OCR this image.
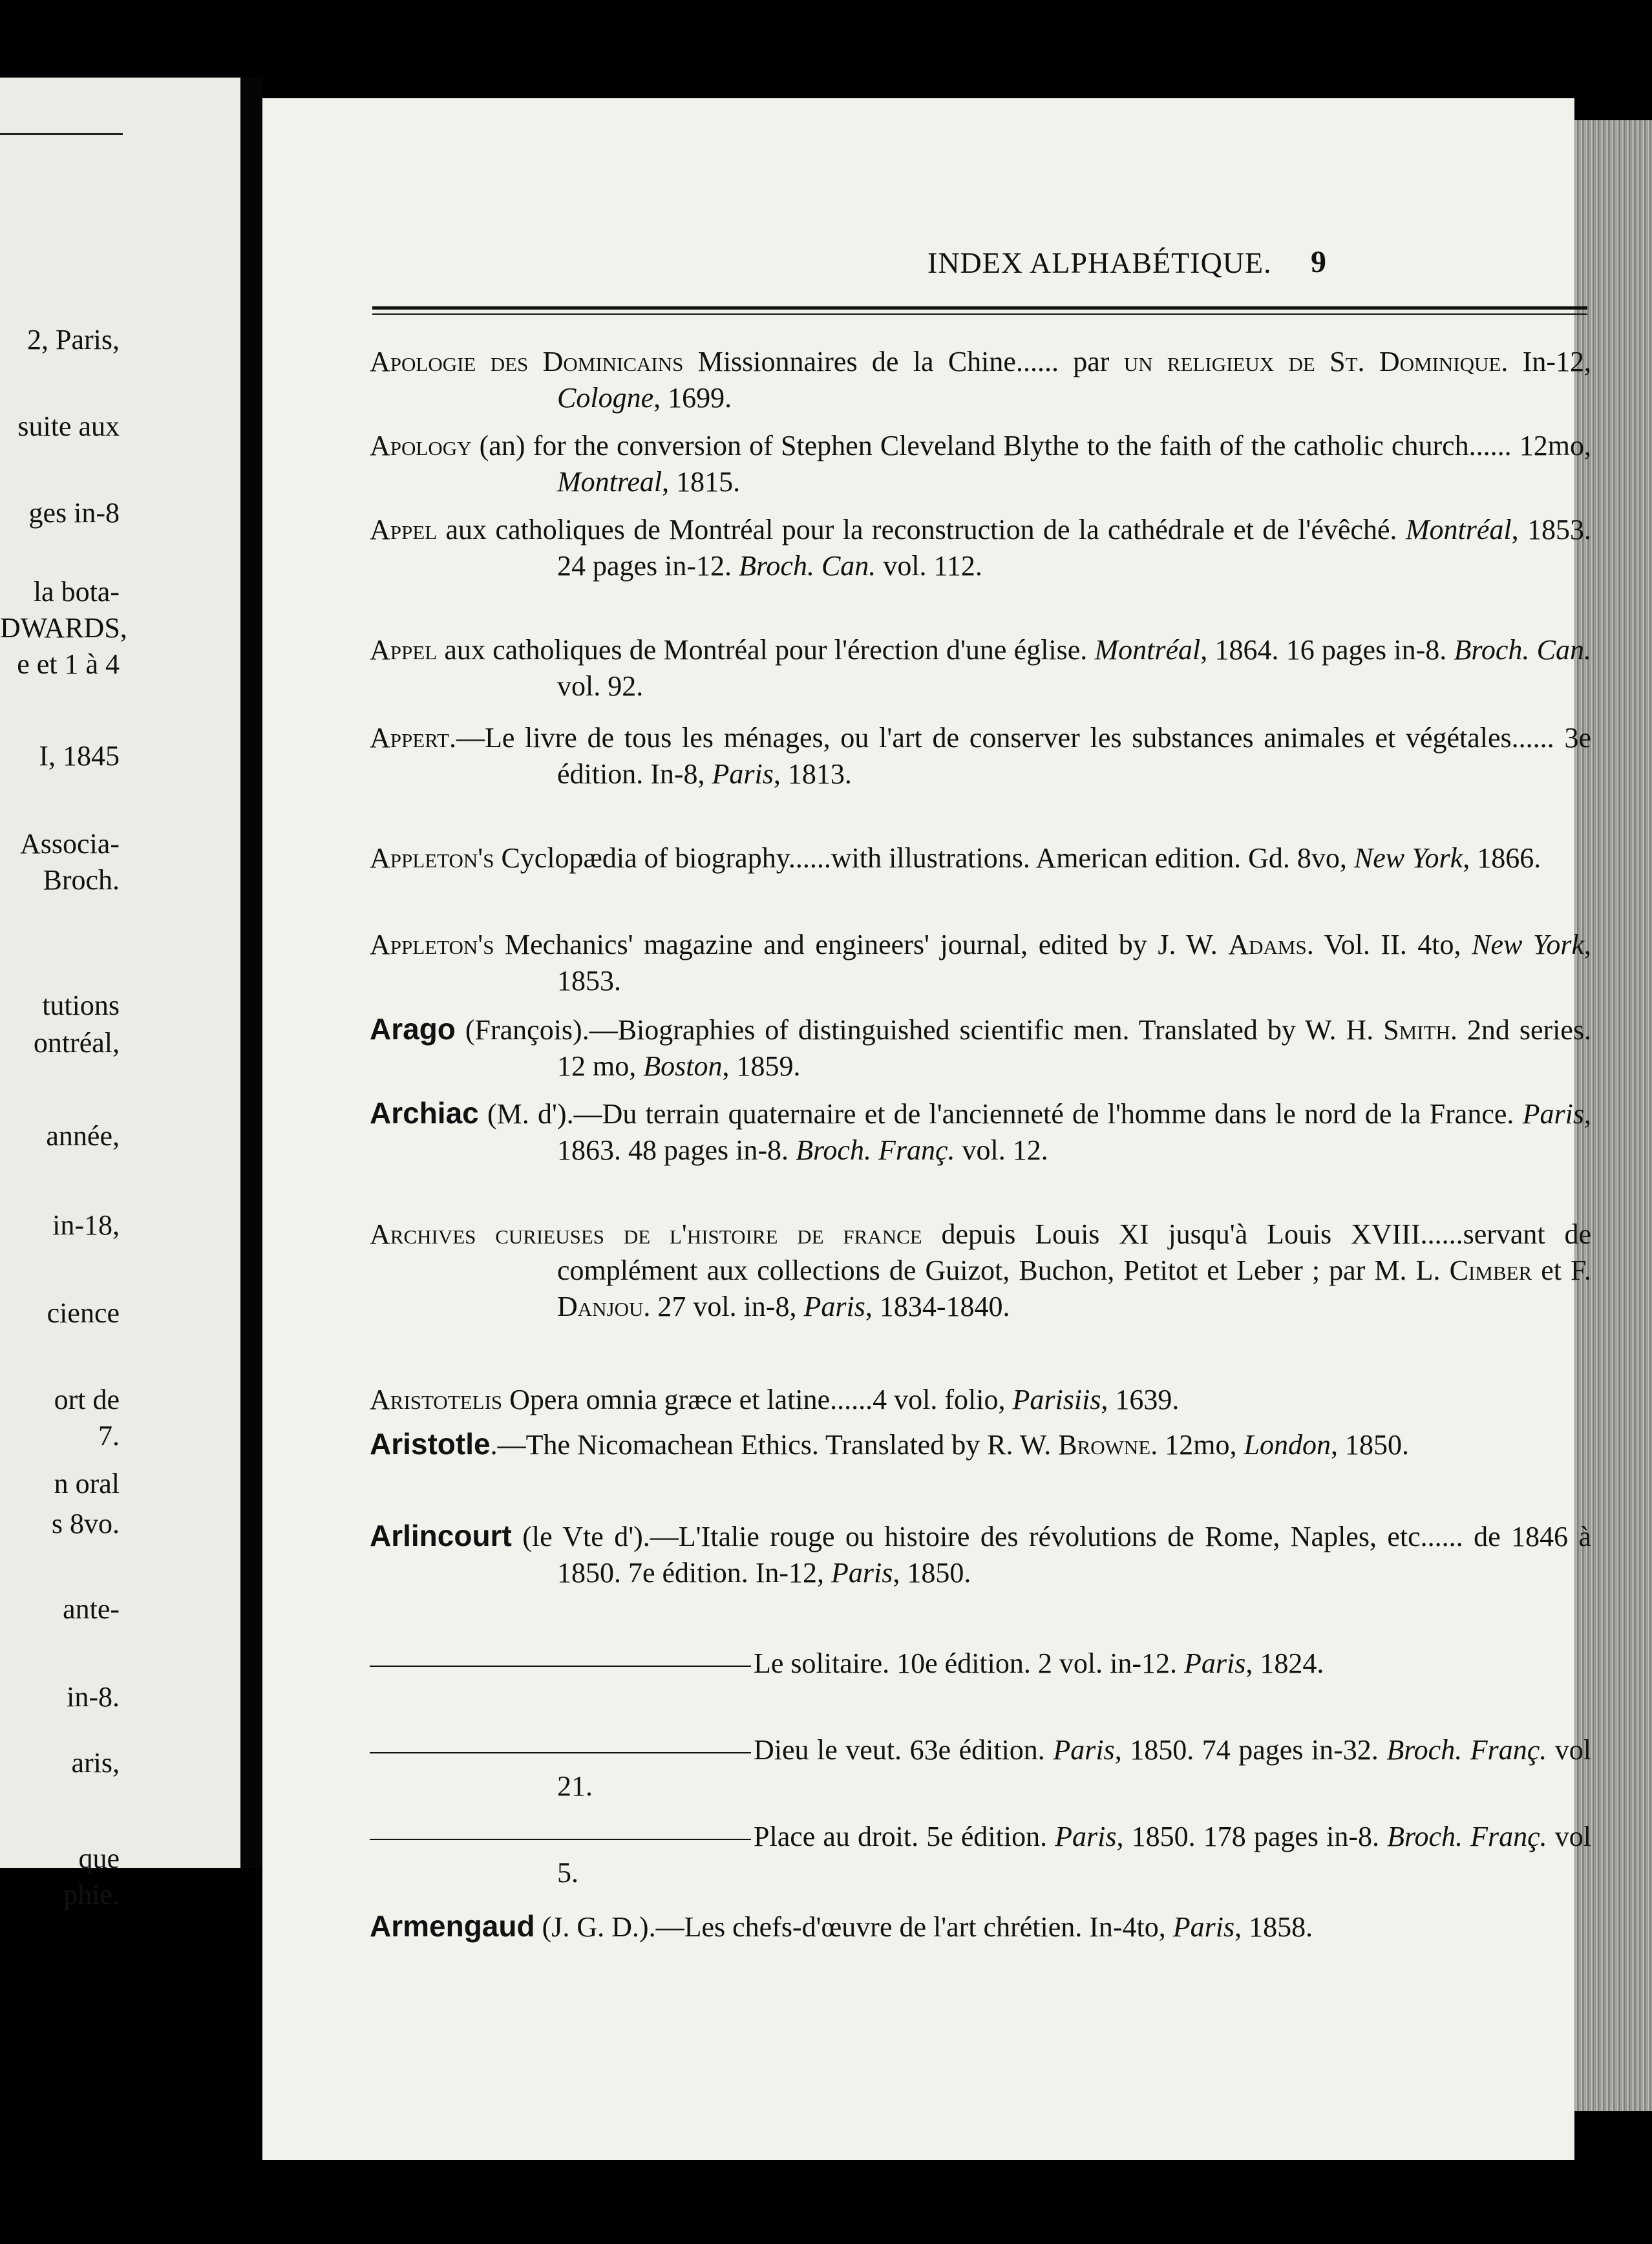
2, Paris,
suite aux
ges in-8
la bota-
DWARDS,
e et 1 à 4
I, 1845
Associa-
Broch.
tutions
ontréal,
année,
in-18,
cience
ort de
7.
n oral
s 8vo.
ante-
in-8.
aris,
que
phie.
INDEX ALPHABÉTIQUE. 9
Apologie des Dominicains Missionnaires de la Chine...... par un religieux de St. Dominique. In-12, Cologne, 1699.
Apology (an) for the conversion of Stephen Cleveland Blythe to the faith of the catholic church...... 12mo, Montreal, 1815.
Appel aux catholiques de Montréal pour la reconstruction de la cathédrale et de l'évêché. Montréal, 1853. 24 pages in-12. Broch. Can. vol. 112.
Appel aux catholiques de Montréal pour l'érection d'une église. Montréal, 1864. 16 pages in-8. Broch. Can. vol. 92.
Appert.—Le livre de tous les ménages, ou l'art de conserver les substances animales et végétales...... 3e édition. In-8, Paris, 1813.
Appleton's Cyclopædia of biography......with illustrations. American edition. Gd. 8vo, New York, 1866.
Appleton's Mechanics' magazine and engineers' journal, edited by J. W. Adams. Vol. II. 4to, New York, 1853.
Arago (François).—Biographies of distinguished scientific men. Translated by W. H. Smith. 2nd series. 12 mo, Boston, 1859.
Archiac (M. d').—Du terrain quaternaire et de l'ancienneté de l'homme dans le nord de la France. Paris, 1863. 48 pages in-8. Broch. Franç. vol. 12.
Archives curieuses de l'histoire de france depuis Louis XI jusqu'à Louis XVIII......servant de complément aux collections de Guizot, Buchon, Petitot et Leber ; par M. L. Cimber et F. Danjou. 27 vol. in-8, Paris, 1834-1840.
Aristotelis Opera omnia græce et latine......4 vol. folio, Parisiis, 1639.
Aristotle.—The Nicomachean Ethics. Translated by R. W. Browne. 12mo, London, 1850.
Arlincourt (le Vte d').—L'Italie rouge ou histoire des révolutions de Rome, Naples, etc...... de 1846 à 1850. 7e édition. In-12, Paris, 1850.
Le solitaire. 10e édition. 2 vol. in-12. Paris, 1824.
Dieu le veut. 63e édition. Paris, 1850. 74 pages in-32. Broch. Franç. vol 21.
Place au droit. 5e édition. Paris, 1850. 178 pages in-8. Broch. Franç. vol 5.
Armengaud (J. G. D.).—Les chefs-d'œuvre de l'art chrétien. In-4to, Paris, 1858.
